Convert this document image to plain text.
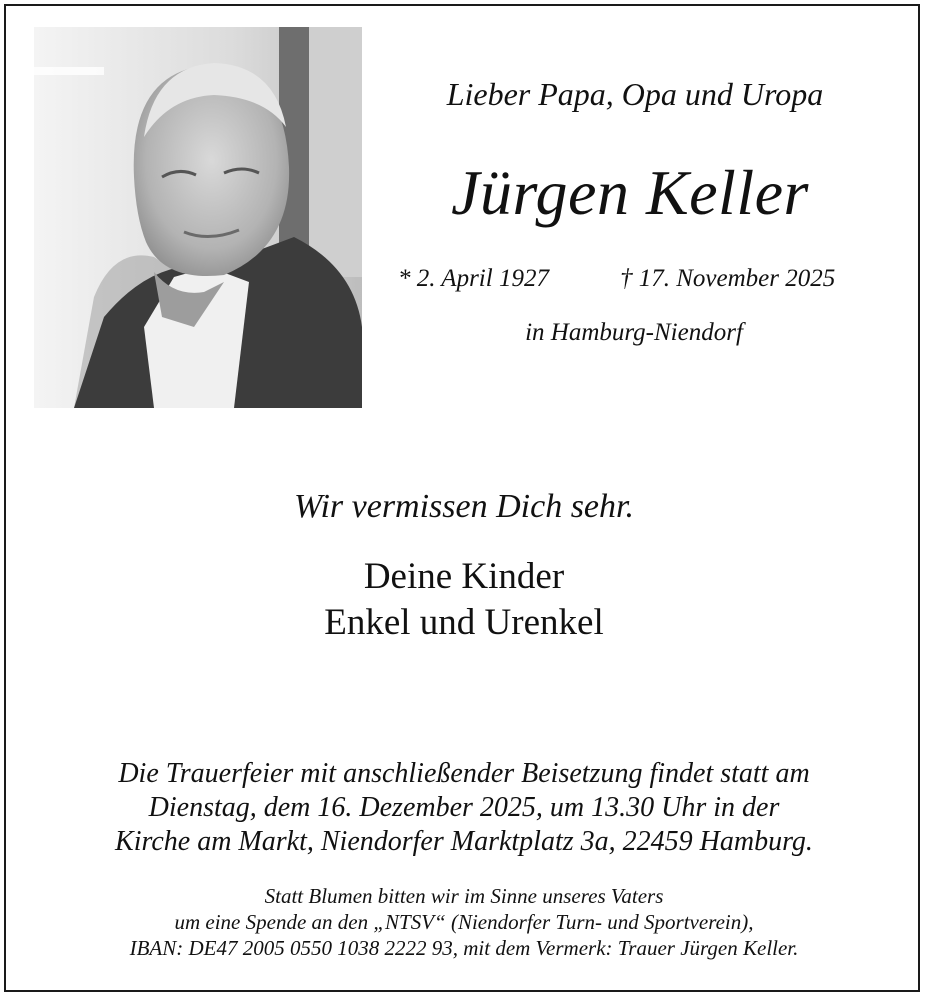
Lieber Papa, Opa und Uropa
Jürgen Keller
* 2. April 1927	† 17. November 2025
in Hamburg-Niendorf
Wir vermissen Dich sehr.
Deine Kinder
Enkel und Urenkel
Die Trauerfeier mit anschließender Beisetzung findet statt am
Dienstag, dem 16. Dezember 2025, um 13.30 Uhr in der
Kirche am Markt, Niendorfer Marktplatz 3a, 22459 Hamburg.
Statt Blumen bitten wir im Sinne unseres Vaters
um eine Spende an den „NTSV“ (Niendorfer Turn- und Sportverein),
IBAN: DE47 2005 0550 1038 2222 93, mit dem Vermerk: Trauer Jürgen Keller.
